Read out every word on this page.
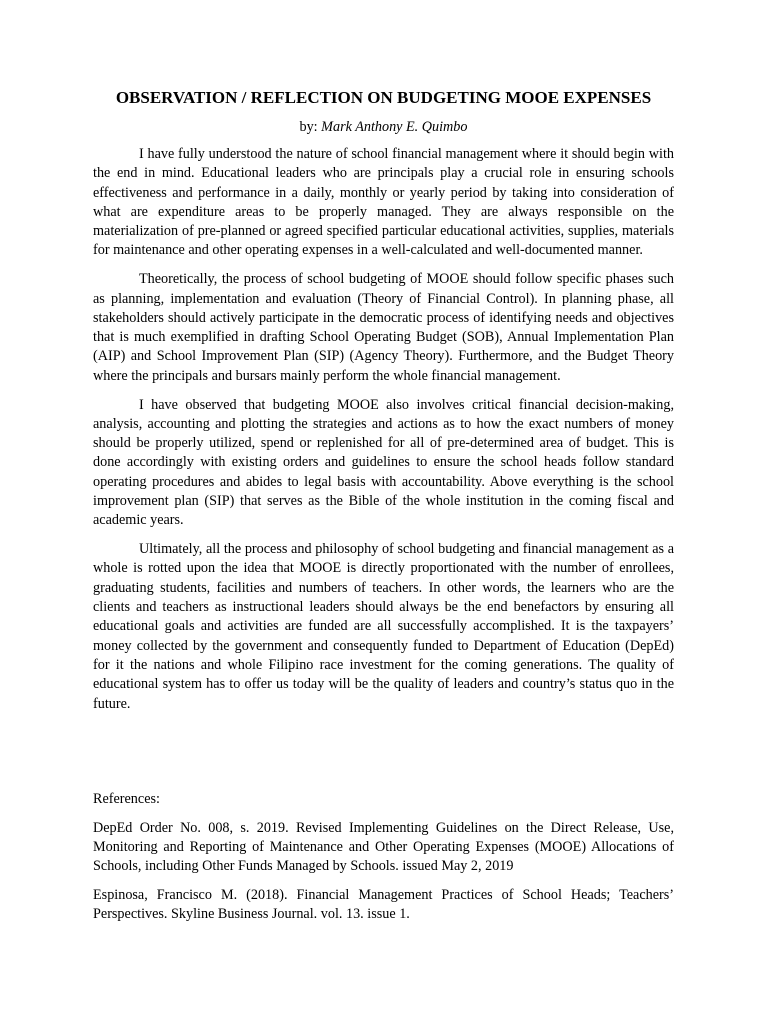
OBSERVATION / REFLECTION ON BUDGETING MOOE EXPENSES
by: Mark Anthony E. Quimbo

I have fully understood the nature of school financial management where it should begin with the end in mind. Educational leaders who are principals play a crucial role in ensuring schools effectiveness and performance in a daily, monthly or yearly period by taking into consideration of what are expenditure areas to be properly managed. They are always responsible on the materialization of pre-planned or agreed specified particular educational activities, supplies, materials for maintenance and other operating expenses in a well-calculated and well-documented manner.

Theoretically, the process of school budgeting of MOOE should follow specific phases such as planning, implementation and evaluation (Theory of Financial Control). In planning phase, all stakeholders should actively participate in the democratic process of identifying needs and objectives that is much exemplified in drafting School Operating Budget (SOB), Annual Implementation Plan (AIP) and School Improvement Plan (SIP) (Agency Theory). Furthermore, and the Budget Theory where the principals and bursars mainly perform the whole financial management.

I have observed that budgeting MOOE also involves critical financial decision-making, analysis, accounting and plotting the strategies and actions as to how the exact numbers of money should be properly utilized, spend or replenished for all of pre-determined area of budget. This is done accordingly with existing orders and guidelines to ensure the school heads follow standard operating procedures and abides to legal basis with accountability. Above everything is the school improvement plan (SIP) that serves as the Bible of the whole institution in the coming fiscal and academic years.

Ultimately, all the process and philosophy of school budgeting and financial management as a whole is rotted upon the idea that MOOE is directly proportionated with the number of enrollees, graduating students, facilities and numbers of teachers. In other words, the learners who are the clients and teachers as instructional leaders should always be the end benefactors by ensuring all educational goals and activities are funded are all successfully accomplished. It is the taxpayers’ money collected by the government and consequently funded to Department of Education (DepEd) for it the nations and whole Filipino race investment for the coming generations. The quality of educational system has to offer us today will be the quality of leaders and country’s status quo in the future.

References:

DepEd Order No. 008, s. 2019. Revised Implementing Guidelines on the Direct Release, Use, Monitoring and Reporting of Maintenance and Other Operating Expenses (MOOE) Allocations of Schools, including Other Funds Managed by Schools. issued May 2, 2019

Espinosa, Francisco M. (2018). Financial Management Practices of School Heads; Teachers’ Perspectives. Skyline Business Journal. vol. 13. issue 1.
